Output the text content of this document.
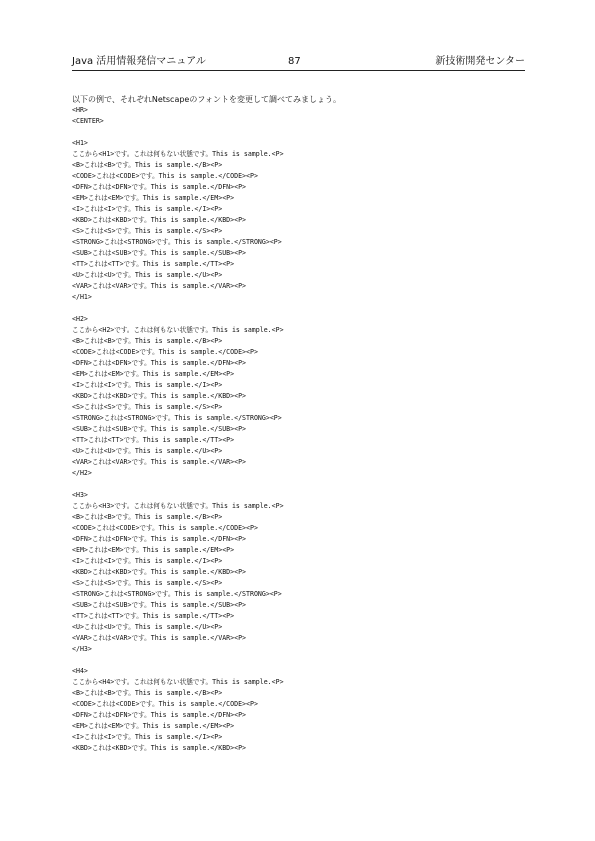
Java 活用情報発信マニュアル	87	新技術開発センター
以下の例で、それぞれNetscapeのフォントを変更して調べてみましょう。
<HR>
<CENTER>

<H1>
ここから<H1>です。これは何もない状態です。This is sample.<P>
<B>これは<B>です。This is sample.</B><P>
<CODE>これは<CODE>です。This is sample.</CODE><P>
<DFN>これは<DFN>です。This is sample.</DFN><P>
<EM>これは<EM>です。This is sample.</EM><P>
<I>これは<I>です。This is sample.</I><P>
<KBD>これは<KBD>です。This is sample.</KBD><P>
<S>これは<S>です。This is sample.</S><P>
<STRONG>これは<STRONG>です。This is sample.</STRONG><P>
<SUB>これは<SUB>です。This is sample.</SUB><P>
<TT>これは<TT>です。This is sample.</TT><P>
<U>これは<U>です。This is sample.</U><P>
<VAR>これは<VAR>です。This is sample.</VAR><P>
</H1>

<H2>
ここから<H2>です。これは何もない状態です。This is sample.<P>
<B>これは<B>です。This is sample.</B><P>
<CODE>これは<CODE>です。This is sample.</CODE><P>
<DFN>これは<DFN>です。This is sample.</DFN><P>
<EM>これは<EM>です。This is sample.</EM><P>
<I>これは<I>です。This is sample.</I><P>
<KBD>これは<KBD>です。This is sample.</KBD><P>
<S>これは<S>です。This is sample.</S><P>
<STRONG>これは<STRONG>です。This is sample.</STRONG><P>
<SUB>これは<SUB>です。This is sample.</SUB><P>
<TT>これは<TT>です。This is sample.</TT><P>
<U>これは<U>です。This is sample.</U><P>
<VAR>これは<VAR>です。This is sample.</VAR><P>
</H2>

<H3>
ここから<H3>です。これは何もない状態です。This is sample.<P>
<B>これは<B>です。This is sample.</B><P>
<CODE>これは<CODE>です。This is sample.</CODE><P>
<DFN>これは<DFN>です。This is sample.</DFN><P>
<EM>これは<EM>です。This is sample.</EM><P>
<I>これは<I>です。This is sample.</I><P>
<KBD>これは<KBD>です。This is sample.</KBD><P>
<S>これは<S>です。This is sample.</S><P>
<STRONG>これは<STRONG>です。This is sample.</STRONG><P>
<SUB>これは<SUB>です。This is sample.</SUB><P>
<TT>これは<TT>です。This is sample.</TT><P>
<U>これは<U>です。This is sample.</U><P>
<VAR>これは<VAR>です。This is sample.</VAR><P>
</H3>

<H4>
ここから<H4>です。これは何もない状態です。This is sample.<P>
<B>これは<B>です。This is sample.</B><P>
<CODE>これは<CODE>です。This is sample.</CODE><P>
<DFN>これは<DFN>です。This is sample.</DFN><P>
<EM>これは<EM>です。This is sample.</EM><P>
<I>これは<I>です。This is sample.</I><P>
<KBD>これは<KBD>です。This is sample.</KBD><P>
